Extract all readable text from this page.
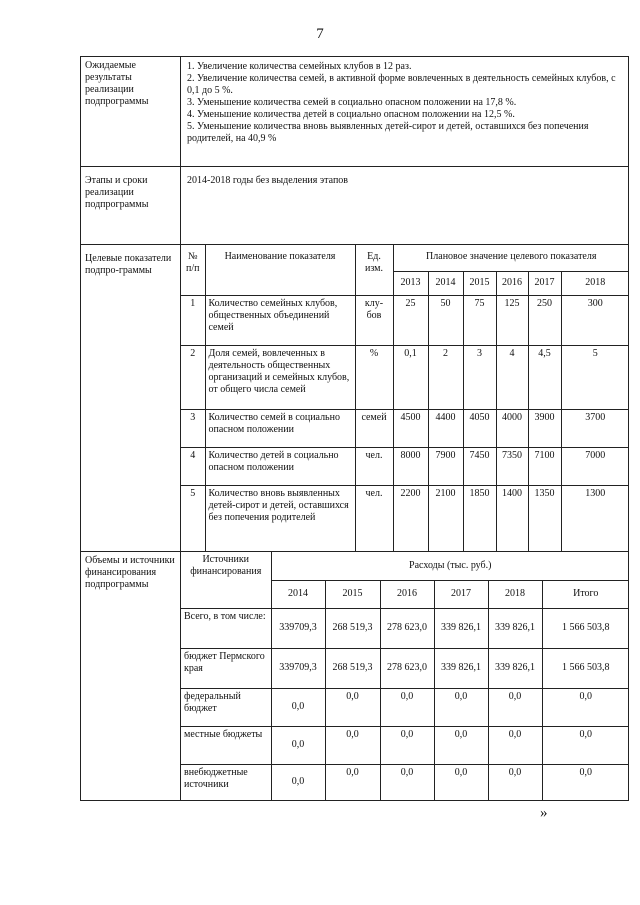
7
Ожидаемые результаты реализации подпрограммы	
1. Увеличение количества семейных клубов в 12 раз.
2. Увеличение количества семей, в активной форме вовлеченных в деятельность семейных клубов, с 0,1 до 5 %.
3. Уменьшение количества семей в социально опасном положении на 17,8 %.
4. Уменьшение количества детей в социально опасном положении на 12,5 %.
5. Уменьшение количества вновь выявленных детей-сирот и детей, оставшихся без попечения родителей, на 40,9 %

Этапы и сроки реализации подпрограммы	2014-2018 годы без выделения этапов
Целевые показатели подпро-граммы	
№ п/п	Наименование показателя	Ед. изм.	Плановое значение целевого показателя
2013	2014	2015	2016	2017	2018
1	Количество семейных клубов, общественных объединений семей	клу-бов	25	50	75	125	250	300
2	Доля семей, вовлеченных в деятельность общественных организаций и семейных клубов, от общего числа семей	%	0,1	2	3	4	4,5	5
3	Количество семей в социально опасном положении	семей	4500	4400	4050	4000	3900	3700
4	Количество детей в социально опасном положении	чел.	8000	7900	7450	7350	7100	7000
5	Количество вновь выявленных детей-сирот и детей, оставшихся без попечения родителей	чел.	2200	2100	1850	1400	1350	1300

Объемы и источники финансирования подпрограммы	
Источники финансирования	Расходы (тыс. руб.)
2014	2015	2016	2017	2018	Итого
Всего, в том числе:	339709,3	268 519,3	278 623,0	339 826,1	339 826,1	1 566 503,8
бюджет Пермского края	339709,3	268 519,3	278 623,0	339 826,1	339 826,1	1 566 503,8
федеральный бюджет	0,0	0,0	0,0	0,0	0,0	0,0
местные бюджеты	0,0	0,0	0,0	0,0	0,0	0,0
внебюджетные источники	0,0	0,0	0,0	0,0	0,0	0,0
»
